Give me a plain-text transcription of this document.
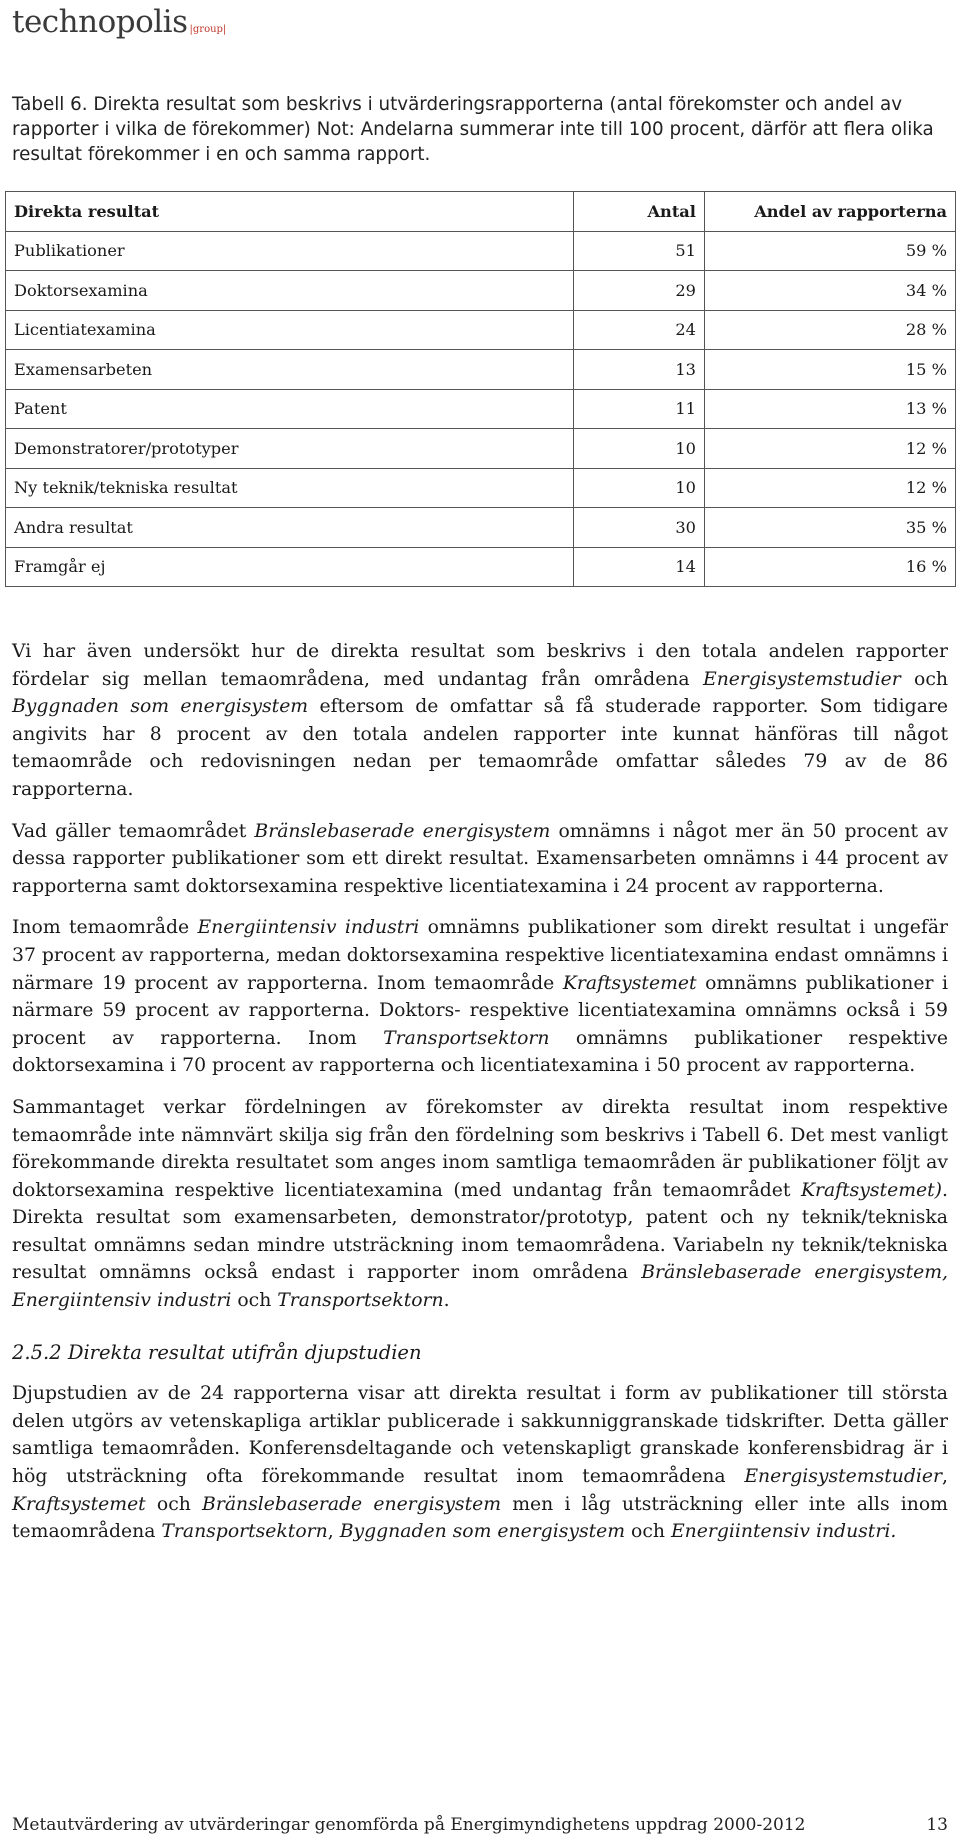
technopolis |group|
Tabell 6. Direkta resultat som beskrivs i utvärderingsrapporterna (antal förekomster och andel av rapporter i vilka de förekommer) Not: Andelarna summerar inte till 100 procent, därför att flera olika resultat förekommer i en och samma rapport.
Direkta resultat	Antal	Andel av rapporterna
Publikationer	51	59 %
Doktorsexamina	29	34 %
Licentiatexamina	24	28 %
Examensarbeten	13	15 %
Patent	11	13 %
Demonstratorer/prototyper	10	12 %
Ny teknik/tekniska resultat	10	12 %
Andra resultat	30	35 %
Framgår ej	14	16 %

Vi har även undersökt hur de direkta resultat som beskrivs i den totala andelen rapporter fördelar sig mellan temaområdena, med undantag från områdena Energisystemstudier och Byggnaden som energisystem eftersom de omfattar så få studerade rapporter. Som tidigare angivits har 8 procent av den totala andelen rapporter inte kunnat hänföras till något temaområde och redovisningen nedan per temaområde omfattar således 79 av de 86 rapporterna.

Vad gäller temaområdet Bränslebaserade energisystem omnämns i något mer än 50 procent av dessa rapporter publikationer som ett direkt resultat. Examensarbeten omnämns i 44 procent av rapporterna samt doktorsexamina respektive licentiatexamina i 24 procent av rapporterna.

Inom temaområde Energiintensiv industri omnämns publikationer som direkt resultat i ungefär 37 procent av rapporterna, medan doktorsexamina respektive licentiatexamina endast omnämns i närmare 19 procent av rapporterna. Inom temaområde Kraftsystemet omnämns publikationer i närmare 59 procent av rapporterna. Doktors- respektive licentiatexamina omnämns också i 59 procent av rapporterna. Inom Transportsektorn omnämns publikationer respektive doktorsexamina i 70 procent av rapporterna och licentiatexamina i 50 procent av rapporterna.

Sammantaget verkar fördelningen av förekomster av direkta resultat inom respektive temaområde inte nämnvärt skilja sig från den fördelning som beskrivs i Tabell 6. Det mest vanligt förekommande direkta resultatet som anges inom samtliga temaområden är publikationer följt av doktorsexamina respektive licentiatexamina (med undantag från temaområdet Kraftsystemet). Direkta resultat som examensarbeten, demonstrator/prototyp, patent och ny teknik/tekniska resultat omnämns sedan mindre utsträckning inom temaområdena. Variabeln ny teknik/tekniska resultat omnämns också endast i rapporter inom områdena Bränslebaserade energisystem, Energiintensiv industri och Transportsektorn.

2.5.2 Direkta resultat utifrån djupstudien

Djupstudien av de 24 rapporterna visar att direkta resultat i form av publikationer till största delen utgörs av vetenskapliga artiklar publicerade i sakkunniggranskade tidskrifter. Detta gäller samtliga temaområden. Konferensdeltagande och vetenskapligt granskade konferensbidrag är i hög utsträckning ofta förekommande resultat inom temaområdena Energisystemstudier, Kraftsystemet och Bränslebaserade energisystem men i låg utsträckning eller inte alls inom temaområdena Transportsektorn, Byggnaden som energisystem och Energiintensiv industri.

Metautvärdering av utvärderingar genomförda på Energimyndighetens uppdrag 2000-2012	13
